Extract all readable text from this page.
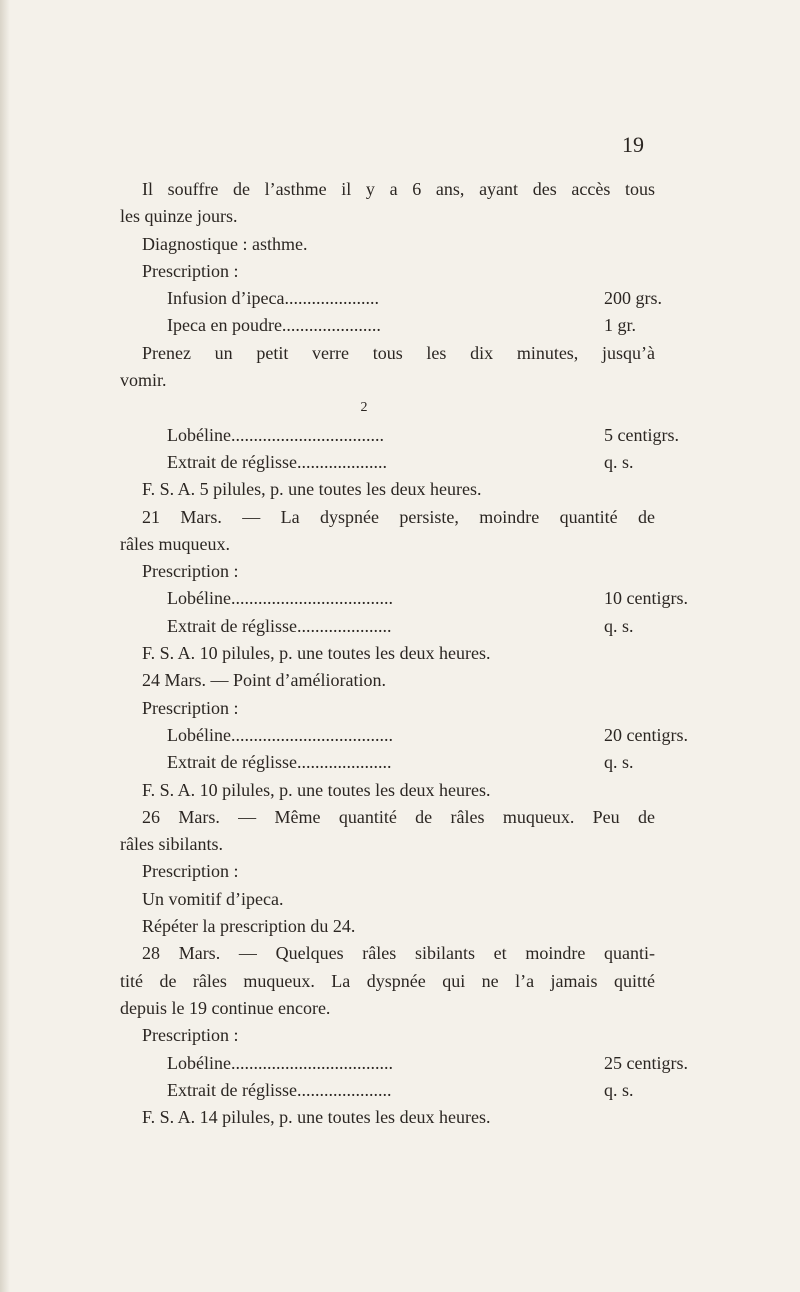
19
Il souffre de l’asthme il y a 6 ans, ayant des accès tous
les quinze jours.
Diagnostique : asthme.
Prescription :
Infusion d’ipeca.....................	200 grs.
Ipeca en poudre......................	1 gr.
Prenez un petit verre tous les dix minutes, jusqu’à
vomir.
2
Lobéline..................................	5 centigrs.
Extrait de réglisse....................	q. s.
F. S. A. 5 pilules, p. une toutes les deux heures.
21 Mars. — La dyspnée persiste, moindre quantité de
râles muqueux.
Prescription :
Lobéline....................................	10 centigrs.
Extrait de réglisse.....................	q. s.
F. S. A. 10 pilules, p. une toutes les deux heures.
24 Mars. — Point d’amélioration.
Prescription :
Lobéline....................................	20 centigrs.
Extrait de réglisse.....................	q. s.
F. S. A. 10 pilules, p. une toutes les deux heures.
26 Mars. — Même quantité de râles muqueux. Peu de
râles sibilants.
Prescription :
Un vomitif d’ipeca.
Répéter la prescription du 24.
28 Mars. — Quelques râles sibilants et moindre quanti-
tité de râles muqueux. La dyspnée qui ne l’a jamais quitté
depuis le 19 continue encore.
Prescription :
Lobéline....................................	25 centigrs.
Extrait de réglisse.....................	q. s.
F. S. A. 14 pilules, p. une toutes les deux heures.
